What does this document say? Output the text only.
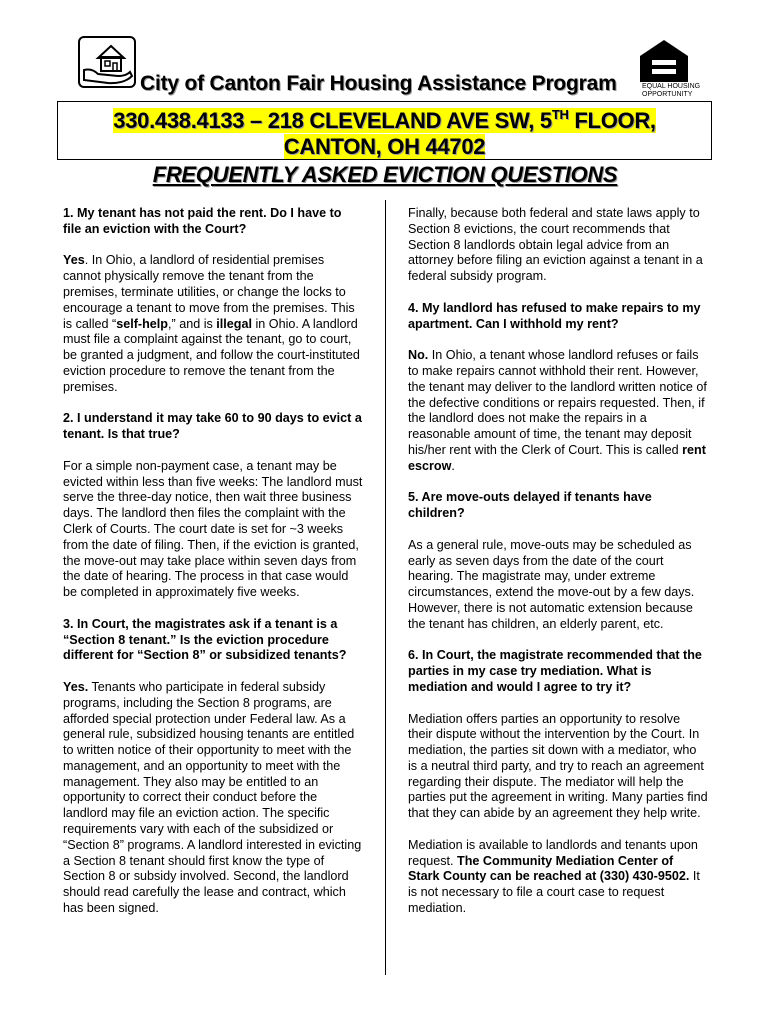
EQUAL HOUSING
OPPORTUNITY
City of Canton Fair Housing Assistance Program
330.438.4133 – 218 CLEVELAND AVE SW, 5TH FLOOR,
CANTON, OH 44702
FREQUENTLY ASKED EVICTION QUESTIONS

1. My tenant has not paid the rent. Do I have to file an eviction with the Court?

Yes. In Ohio, a landlord of residential premises cannot physically remove the tenant from the premises, terminate utilities, or change the locks to encourage a tenant to move from the premises. This is called “self-help,” and is illegal in Ohio. A landlord must file a complaint against the tenant, go to court, be granted a judgment, and follow the court-instituted eviction procedure to remove the tenant from the premises.

2. I understand it may take 60 to 90 days to evict a tenant. Is that true?

For a simple non-payment case, a tenant may be evicted within less than five weeks: The landlord must serve the three-day notice, then wait three business days. The landlord then files the complaint with the Clerk of Courts. The court date is set for ~3 weeks from the date of filing. Then, if the eviction is granted, the move-out may take place within seven days from the date of hearing. The process in that case would be completed in approximately five weeks.

3. In Court, the magistrates ask if a tenant is a “Section 8 tenant.” Is the eviction procedure different for “Section 8” or subsidized tenants?

Yes. Tenants who participate in federal subsidy programs, including the Section 8 programs, are afforded special protection under Federal law. As a general rule, subsidized housing tenants are entitled to written notice of their opportunity to meet with the management, and an opportunity to meet with the management. They also may be entitled to an opportunity to correct their conduct before the landlord may file an eviction action. The specific requirements vary with each of the subsidized or “Section 8” programs. A landlord interested in evicting a Section 8 tenant should first know the type of Section 8 or subsidy involved. Second, the landlord should read carefully the lease and contract, which has been signed.

Finally, because both federal and state laws apply to Section 8 evictions, the court recommends that Section 8 landlords obtain legal advice from an attorney before filing an eviction against a tenant in a federal subsidy program.

4. My landlord has refused to make repairs to my apartment. Can I withhold my rent?

No. In Ohio, a tenant whose landlord refuses or fails to make repairs cannot withhold their rent. However, the tenant may deliver to the landlord written notice of the defective conditions or repairs requested. Then, if the landlord does not make the repairs in a reasonable amount of time, the tenant may deposit his/her rent with the Clerk of Court. This is called rent escrow.

5. Are move-outs delayed if tenants have children?

As a general rule, move-outs may be scheduled as early as seven days from the date of the court hearing. The magistrate may, under extreme circumstances, extend the move-out by a few days. However, there is not automatic extension because the tenant has children, an elderly parent, etc.

6. In Court, the magistrate recommended that the parties in my case try mediation. What is mediation and would I agree to try it?

Mediation offers parties an opportunity to resolve their dispute without the intervention by the Court. In mediation, the parties sit down with a mediator, who is a neutral third party, and try to reach an agreement regarding their dispute. The mediator will help the parties put the agreement in writing. Many parties find that they can abide by an agreement they help write.

Mediation is available to landlords and tenants upon request. The Community Mediation Center of Stark County can be reached at (330) 430-9502. It is not necessary to file a court case to request mediation.
